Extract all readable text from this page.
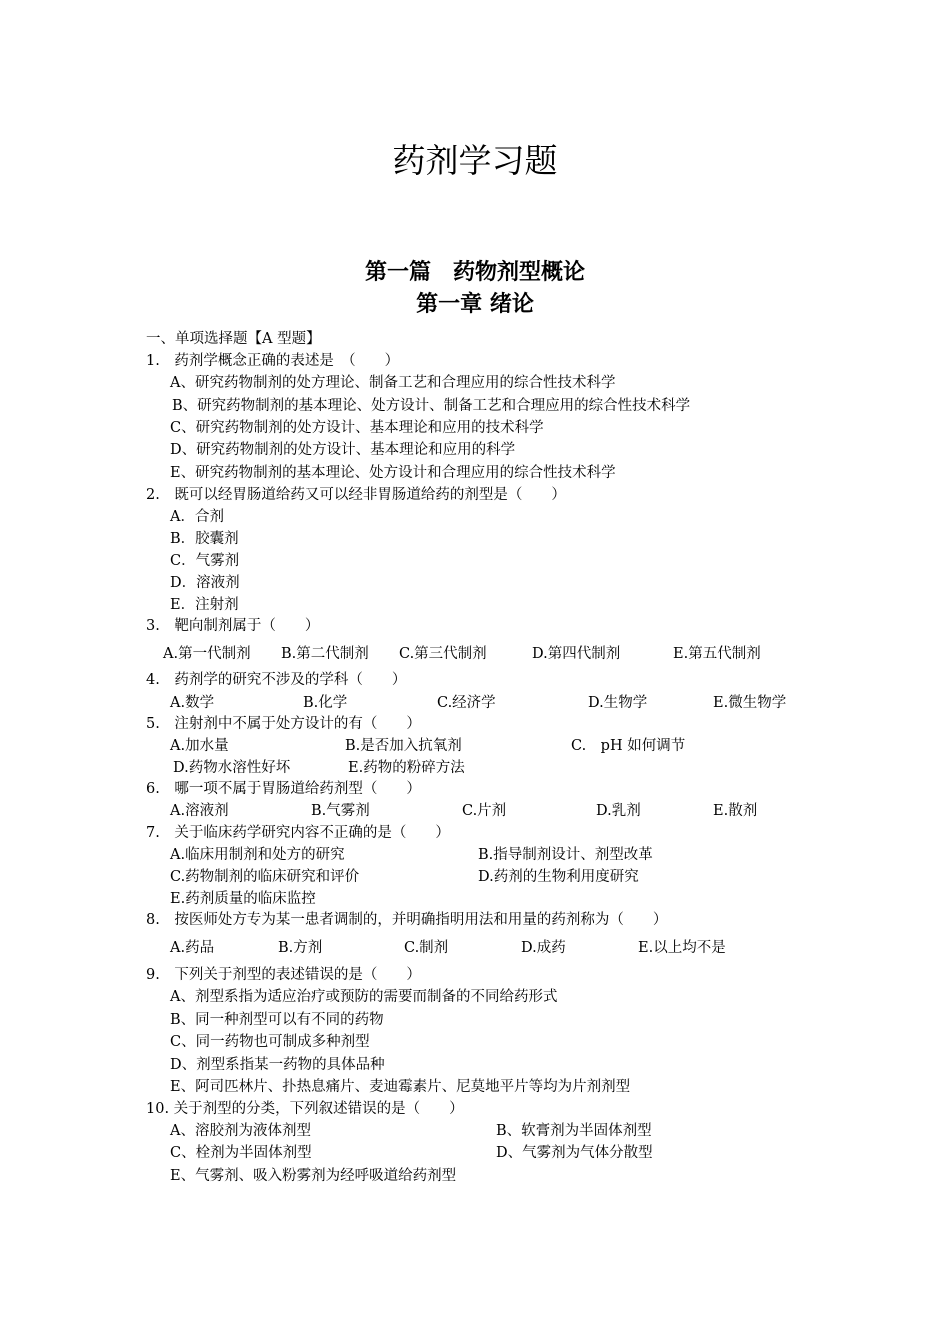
药剂学习题
第一篇　药物剂型概论
第一章 绪论
一、单项选择题【A 型题】
1.　药剂学概念正确的表述是　（　　）
A、研究药物制剂的处方理论、制备工艺和合理应用的综合性技术科学
B、研究药物制剂的基本理论、处方设计、制备工艺和合理应用的综合性技术科学
C、研究药物制剂的处方设计、基本理论和应用的技术科学
D、研究药物制剂的处方设计、基本理论和应用的科学
E、研究药物制剂的基本理论、处方设计和合理应用的综合性技术科学
2.　既可以经胃肠道给药又可以经非胃肠道给药的剂型是（　　）
A．合剂
B．胶囊剂
C．气雾剂
D．溶液剂
E．注射剂
3.　靶向制剂属于（　　）
A.第一代制剂 B.第二代制剂 C.第三代制剂	D.第四代制剂	E.第五代制剂
4.　药剂学的研究不涉及的学科（　　）
A.数学	B.化学	C.经济学	D.生物学	E.微生物学
5.　注射剂中不属于处方设计的有（　　）
A.加水量	B.是否加入抗氧剂	C.　pH 如何调节
D.药物水溶性好坏	E.药物的粉碎方法
6.　哪一项不属于胃肠道给药剂型（　　）
A.溶液剂	B.气雾剂	C.片剂	D.乳剂	E.散剂
7.　关于临床药学研究内容不正确的是（　　）
A.临床用制剂和处方的研究	B.指导制剂设计、剂型改革
C.药物制剂的临床研究和评价	D.药剂的生物利用度研究
E.药剂质量的临床监控
8.　按医师处方专为某一患者调制的，并明确指明用法和用量的药剂称为（　　）
A.药品	B.方剂	C.制剂	D.成药	E.以上均不是
9.　下列关于剂型的表述错误的是（　　）
A、剂型系指为适应治疗或预防的需要而制备的不同给药形式
B、同一种剂型可以有不同的药物
C、同一药物也可制成多种剂型
D、剂型系指某一药物的具体品种
E、阿司匹林片、扑热息痛片、麦迪霉素片、尼莫地平片等均为片剂剂型
10. 关于剂型的分类，下列叙述错误的是（　　）
A、溶胶剂为液体剂型	B、软膏剂为半固体剂型
C、栓剂为半固体剂型	D、气雾剂为气体分散型
E、气雾剂、吸入粉雾剂为经呼吸道给药剂型
